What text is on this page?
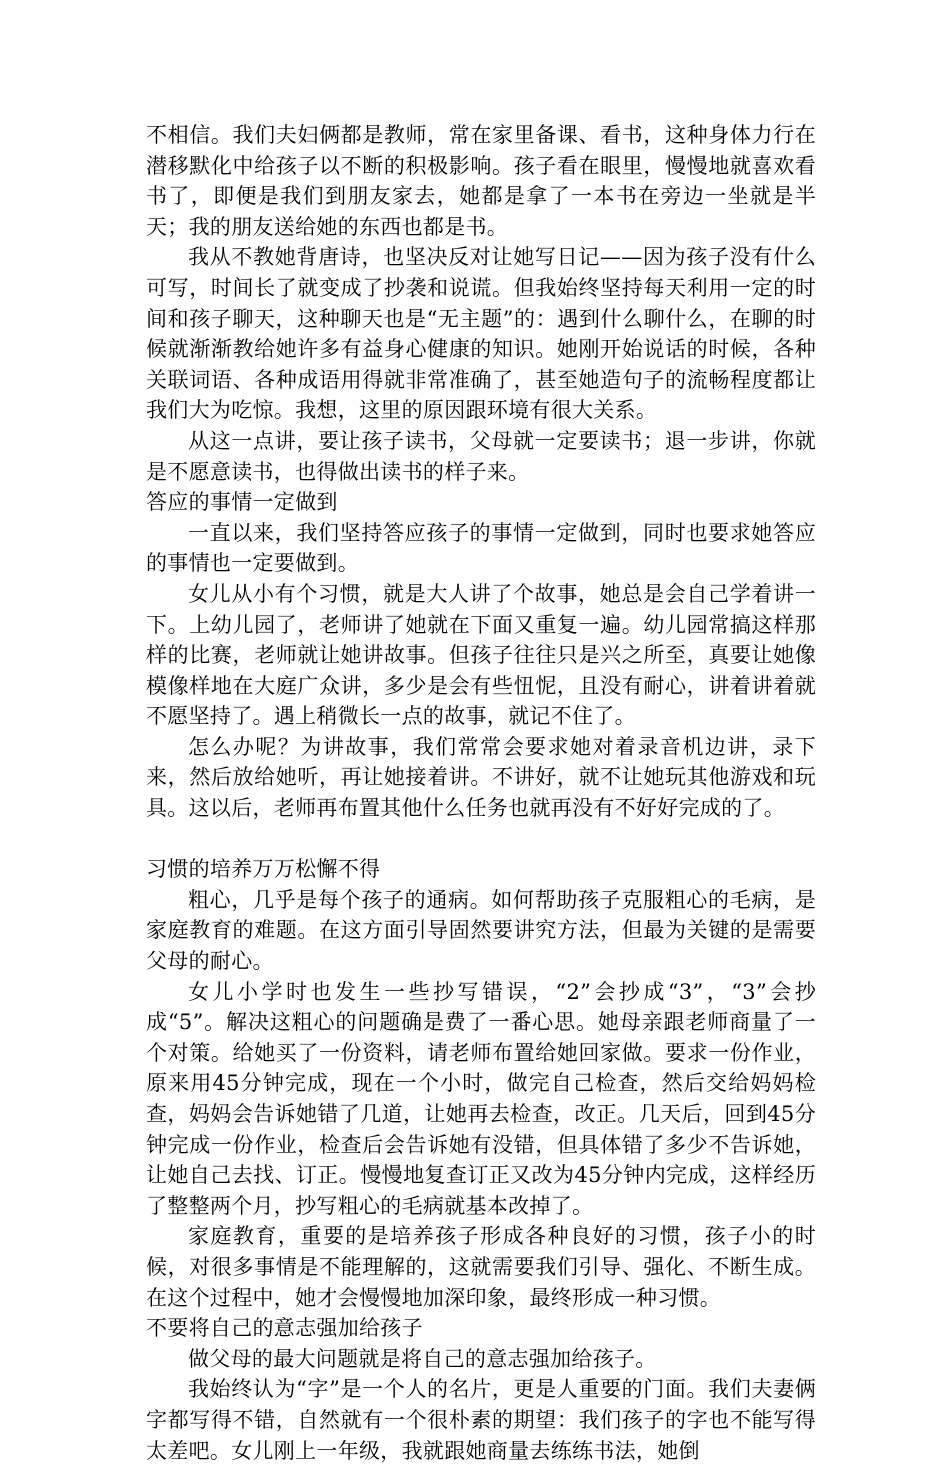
不相信。我们夫妇俩都是教师，常在家里备课、看书，这种身体力行在潜移默化中给孩子以不断的积极影响。孩子看在眼里，慢慢地就喜欢看书了，即便是我们到朋友家去，她都是拿了一本书在旁边一坐就是半天；我的朋友送给她的东西也都是书。

我从不教她背唐诗，也坚决反对让她写日记——因为孩子没有什么可写，时间长了就变成了抄袭和说谎。但我始终坚持每天利用一定的时间和孩子聊天，这种聊天也是“无主题”的：遇到什么聊什么，在聊的时候就渐渐教给她许多有益身心健康的知识。她刚开始说话的时候，各种关联词语、各种成语用得就非常准确了，甚至她造句子的流畅程度都让我们大为吃惊。我想，这里的原因跟环境有很大关系。

从这一点讲，要让孩子读书，父母就一定要读书；退一步讲，你就是不愿意读书，也得做出读书的样子来。

答应的事情一定做到

一直以来，我们坚持答应孩子的事情一定做到，同时也要求她答应的事情也一定要做到。

女儿从小有个习惯，就是大人讲了个故事，她总是会自己学着讲一下。上幼儿园了，老师讲了她就在下面又重复一遍。幼儿园常搞这样那样的比赛，老师就让她讲故事。但孩子往往只是兴之所至，真要让她像模像样地在大庭广众讲，多少是会有些忸怩，且没有耐心，讲着讲着就不愿坚持了。遇上稍微长一点的故事，就记不住了。

怎么办呢？为讲故事，我们常常会要求她对着录音机边讲，录下来，然后放给她听，再让她接着讲。不讲好，就不让她玩其他游戏和玩具。这以后，老师再布置其他什么任务也就再没有不好好完成的了。

习惯的培养万万松懈不得

粗心，几乎是每个孩子的通病。如何帮助孩子克服粗心的毛病，是家庭教育的难题。在这方面引导固然要讲究方法，但最为关键的是需要父母的耐心。

女儿小学时也发生一些抄写错误，“2”会抄成“3”，“3”会抄成“5”。解决这粗心的问题确是费了一番心思。她母亲跟老师商量了一个对策。给她买了一份资料，请老师布置给她回家做。要求一份作业，原来用45分钟完成，现在一个小时，做完自己检查，然后交给妈妈检查，妈妈会告诉她错了几道，让她再去检查，改正。几天后，回到45分钟完成一份作业，检查后会告诉她有没错，但具体错了多少不告诉她，让她自己去找、订正。慢慢地复查订正又改为45分钟内完成，这样经历了整整两个月，抄写粗心的毛病就基本改掉了。

家庭教育，重要的是培养孩子形成各种良好的习惯，孩子小的时候，对很多事情是不能理解的，这就需要我们引导、强化、不断生成。在这个过程中，她才会慢慢地加深印象，最终形成一种习惯。

不要将自己的意志强加给孩子

做父母的最大问题就是将自己的意志强加给孩子。

我始终认为“字”是一个人的名片，更是人重要的门面。我们夫妻俩字都写得不错，自然就有一个很朴素的期望：我们孩子的字也不能写得太差吧。女儿刚上一年级，我就跟她商量去练练书法，她倒
